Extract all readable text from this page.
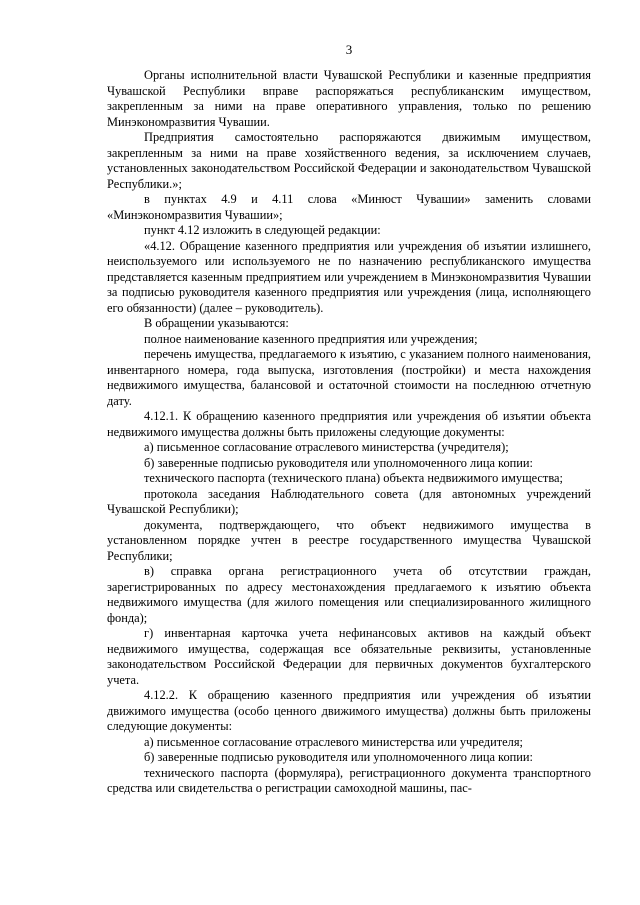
3

Органы исполнительной власти Чувашской Республики и казенные предприятия Чувашской Республики вправе распоряжаться республиканским имуществом, закрепленным за ними на праве оперативного управления, только по решению Минэкономразвития Чувашии.

Предприятия самостоятельно распоряжаются движимым имуществом, закрепленным за ними на праве хозяйственного ведения, за исключением случаев, установленных законодательством Российской Федерации и законодательством Чувашской Республики.»;

в пунктах 4.9 и 4.11 слова «Минюст Чувашии» заменить словами «Минэкономразвития Чувашии»;

пункт 4.12 изложить в следующей редакции:

«4.12. Обращение казенного предприятия или учреждения об изъятии излишнего, неиспользуемого или используемого не по назначению республиканского имущества представляется казенным предприятием или учреждением в Минэкономразвития Чувашии за подписью руководителя казенного предприятия или учреждения (лица, исполняющего его обязанности) (далее – руководитель).

В обращении указываются:

полное наименование казенного предприятия или учреждения;

перечень имущества, предлагаемого к изъятию, с указанием полного наименования, инвентарного номера, года выпуска, изготовления (постройки) и места нахождения недвижимого имущества, балансовой и остаточной стоимости на последнюю отчетную дату.

4.12.1. К обращению казенного предприятия или учреждения об изъятии объекта недвижимого имущества должны быть приложены следующие документы:

а) письменное согласование отраслевого министерства (учредителя);

б) заверенные подписью руководителя или уполномоченного лица копии:

технического паспорта (технического плана) объекта недвижимого имущества;

протокола заседания Наблюдательного совета (для автономных учреждений Чувашской Республики);

документа, подтверждающего, что объект недвижимого имущества в установленном порядке учтен в реестре государственного имущества Чувашской Республики;

в) справка органа регистрационного учета об отсутствии граждан, зарегистрированных по адресу местонахождения предлагаемого к изъятию объекта недвижимого имущества (для жилого помещения или специализированного жилищного фонда);

г) инвентарная карточка учета нефинансовых активов на каждый объект недвижимого имущества, содержащая все обязательные реквизиты, установленные законодательством Российской Федерации для первичных документов бухгалтерского учета.

4.12.2. К обращению казенного предприятия или учреждения об изъятии движимого имущества (особо ценного движимого имущества) должны быть приложены следующие документы:

а) письменное согласование отраслевого министерства или учредителя;

б) заверенные подписью руководителя или уполномоченного лица копии:

технического паспорта (формуляра), регистрационного документа транспортного средства или свидетельства о регистрации самоходной машины, пас-
